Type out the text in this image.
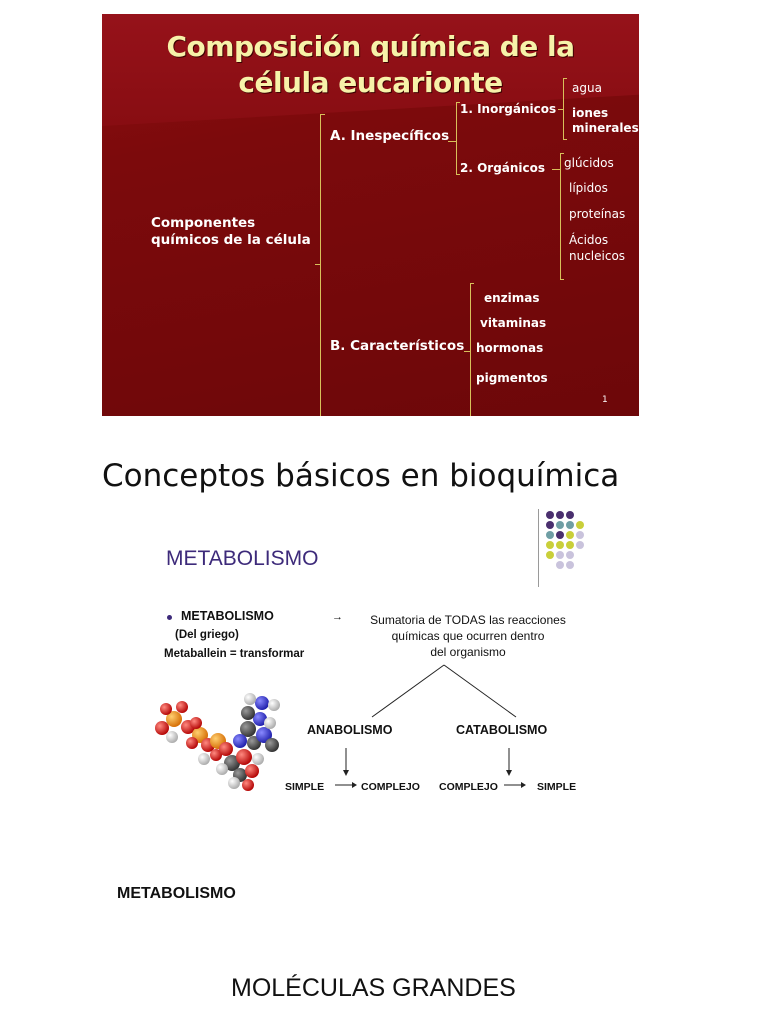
Composición química de la
célula eucarionte
Componentes
químicos de la célula
A. Inespecíficos
1. Inorgánicos
agua
iones
minerales
2. Orgánicos glúcidos
lípidos
proteínas
Ácidos
nucleicos
B. Característicos
enzimas
vitaminas
hormonas
pigmentos
1
Conceptos básicos en bioquímica
METABOLISMO
METABOLISMO
(Del griego)
Metaballein = transformar
→	Sumatoria de TODAS las reacciones
químicas que ocurren dentro
del organismo
ANABOLISMO	CATABOLISMO
SIMPLE	COMPLEJO COMPLEJO	SIMPLE
METABOLISMO
MOLÉCULAS GRANDES
